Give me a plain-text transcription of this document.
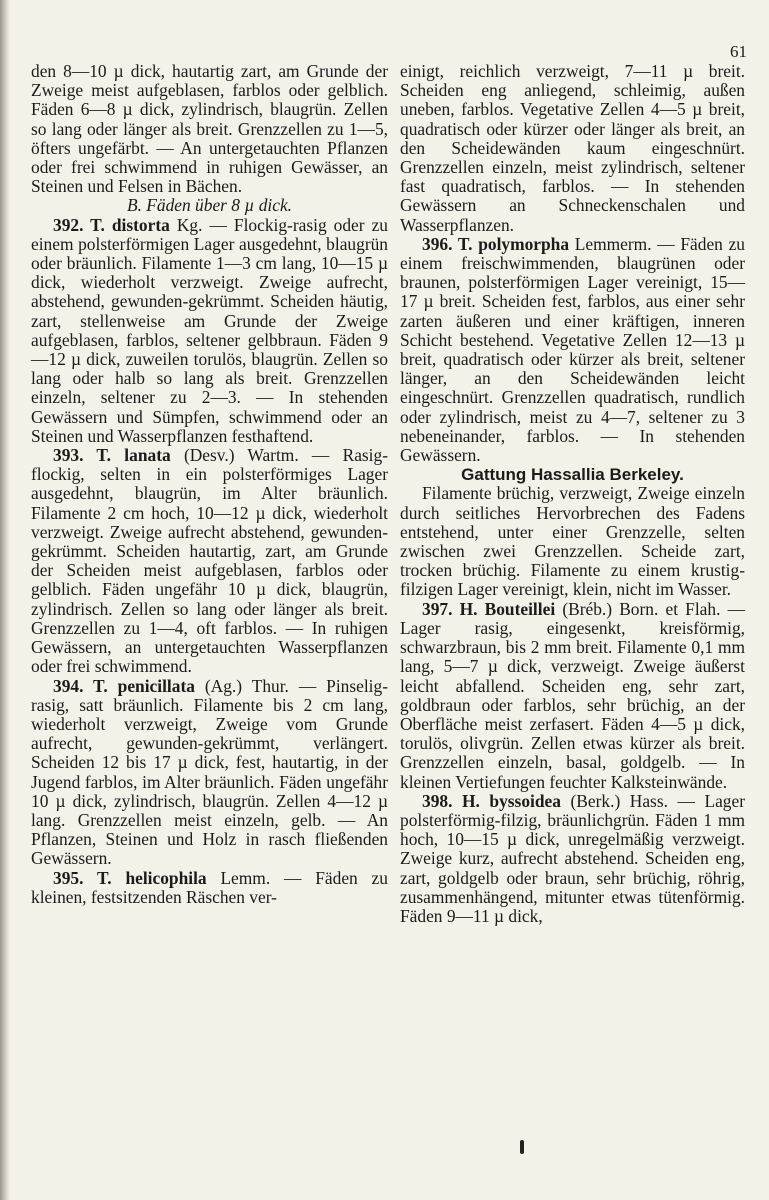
61

den 8—10 µ dick, hautartig zart, am Grunde der Zweige meist aufgeblasen, farblos oder gelblich. Fäden 6—8 µ dick, zylindrisch, blaugrün. Zellen so lang oder länger als breit. Grenzzellen zu 1—5, öfters ungefärbt. — An untergetauchten Pflanzen oder frei schwimmend in ruhigen Gewässer, an Steinen und Felsen in Bächen.

B. Fäden über 8 µ dick.

392. T. distorta Kg. — Flockig-rasig oder zu einem polsterförmigen Lager ausgedehnt, blaugrün oder bräunlich. Filamente 1—3 cm lang, 10—15 µ dick, wiederholt verzweigt. Zweige aufrecht, abstehend, gewunden-gekrümmt. Scheiden häutig, zart, stellenweise am Grunde der Zweige aufgeblasen, farblos, seltener gelbbraun. Fäden 9—12 µ dick, zuweilen torulös, blaugrün. Zellen so lang oder halb so lang als breit. Grenzzellen einzeln, seltener zu 2—3. — In stehenden Gewässern und Sümpfen, schwimmend oder an Steinen und Wasserpflanzen festhaftend.

393. T. lanata (Desv.) Wartm. — Rasig-flockig, selten in ein polsterförmiges Lager ausgedehnt, blaugrün, im Alter bräunlich. Filamente 2 cm hoch, 10—12 µ dick, wiederholt verzweigt. Zweige aufrecht abstehend, gewunden-gekrümmt. Scheiden hautartig, zart, am Grunde der Scheiden meist aufgeblasen, farblos oder gelblich. Fäden ungefähr 10 µ dick, blaugrün, zylindrisch. Zellen so lang oder länger als breit. Grenzzellen zu 1—4, oft farblos. — In ruhigen Gewässern, an untergetauchten Wasserpflanzen oder frei schwimmend.

394. T. penicillata (Ag.) Thur. — Pinselig-rasig, satt bräunlich. Filamente bis 2 cm lang, wiederholt verzweigt, Zweige vom Grunde aufrecht, gewunden-gekrümmt, verlängert. Scheiden 12 bis 17 µ dick, fest, hautartig, in der Jugend farblos, im Alter bräunlich. Fäden ungefähr 10 µ dick, zylindrisch, blaugrün. Zellen 4—12 µ lang. Grenzzellen meist einzeln, gelb. — An Pflanzen, Steinen und Holz in rasch fließenden Gewässern.

395. T. helicophila Lemm. — Fäden zu kleinen, festsitzenden Räschen ver-

einigt, reichlich verzweigt, 7—11 µ breit. Scheiden eng anliegend, schleimig, außen uneben, farblos. Vegetative Zellen 4—5 µ breit, quadratisch oder kürzer oder länger als breit, an den Scheidewänden kaum eingeschnürt. Grenzzellen einzeln, meist zylindrisch, seltener fast quadratisch, farblos. — In stehenden Gewässern an Schneckenschalen und Wasserpflanzen.

396. T. polymorpha Lemmerm. — Fäden zu einem freischwimmenden, blaugrünen oder braunen, polsterförmigen Lager vereinigt, 15—17 µ breit. Scheiden fest, farblos, aus einer sehr zarten äußeren und einer kräftigen, inneren Schicht bestehend. Vegetative Zellen 12—13 µ breit, quadratisch oder kürzer als breit, seltener länger, an den Scheidewänden leicht eingeschnürt. Grenzzellen quadratisch, rundlich oder zylindrisch, meist zu 4—7, seltener zu 3 nebeneinander, farblos. — In stehenden Gewässern.

Gattung Hassallia Berkeley.

Filamente brüchig, verzweigt, Zweige einzeln durch seitliches Hervorbrechen des Fadens entstehend, unter einer Grenzzelle, selten zwischen zwei Grenzzellen. Scheide zart, trocken brüchig. Filamente zu einem krustig-filzigen Lager vereinigt, klein, nicht im Wasser.

397. H. Bouteillei (Bréb.) Born. et Flah. — Lager rasig, eingesenkt, kreisförmig, schwarzbraun, bis 2 mm breit. Filamente 0,1 mm lang, 5—7 µ dick, verzweigt. Zweige äußerst leicht abfallend. Scheiden eng, sehr zart, goldbraun oder farblos, sehr brüchig, an der Oberfläche meist zerfasert. Fäden 4—5 µ dick, torulös, olivgrün. Zellen etwas kürzer als breit. Grenzzellen einzeln, basal, goldgelb. — In kleinen Vertiefungen feuchter Kalksteinwände.

398. H. byssoidea (Berk.) Hass. — Lager polsterförmig-filzig, bräunlichgrün. Fäden 1 mm hoch, 10—15 µ dick, unregelmäßig verzweigt. Zweige kurz, aufrecht abstehend. Scheiden eng, zart, goldgelb oder braun, sehr brüchig, röhrig, zusammenhängend, mitunter etwas tütenförmig. Fäden 9—11 µ dick,
